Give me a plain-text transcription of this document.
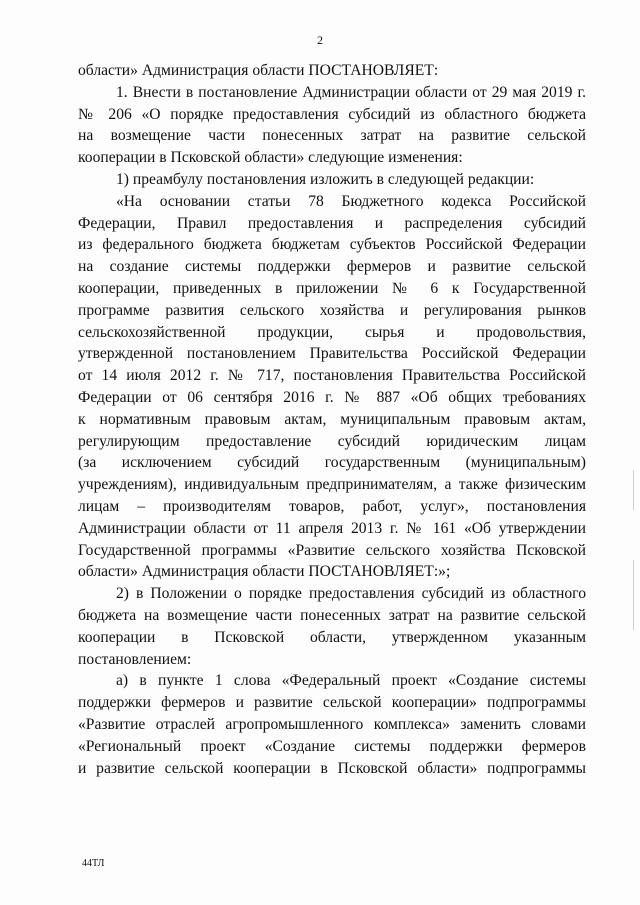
2
области» Администрация области ПОСТАНОВЛЯЕТ:
1. Внести в постановление Администрации области от 29 мая 2019 г.
№ 206 «О порядке предоставления субсидий из областного бюджета
на возмещение части понесенных затрат на развитие сельской
кооперации в Псковской области» следующие изменения:
1) преамбулу постановления изложить в следующей редакции:
«На основании статьи 78 Бюджетного кодекса Российской
Федерации, Правил предоставления и распределения субсидий
из федерального бюджета бюджетам субъектов Российской Федерации
на создание системы поддержки фермеров и развитие сельской
кооперации, приведенных в приложении № 6 к Государственной
программе развития сельского хозяйства и регулирования рынков
сельскохозяйственной продукции, сырья и продовольствия,
утвержденной постановлением Правительства Российской Федерации
от 14 июля 2012 г. № 717, постановления Правительства Российской
Федерации от 06 сентября 2016 г. № 887 «Об общих требованиях
к нормативным правовым актам, муниципальным правовым актам,
регулирующим предоставление субсидий юридическим лицам
(за исключением субсидий государственным (муниципальным)
учреждениям), индивидуальным предпринимателям, а также физическим
лицам – производителям товаров, работ, услуг», постановления
Администрации области от 11 апреля 2013 г. № 161 «Об утверждении
Государственной программы «Развитие сельского хозяйства Псковской
области» Администрация области ПОСТАНОВЛЯЕТ:»;
2) в Положении о порядке предоставления субсидий из областного
бюджета на возмещение части понесенных затрат на развитие сельской
кооперации в Псковской области, утвержденном указанным
постановлением:
а) в пункте 1 слова «Федеральный проект «Создание системы
поддержки фермеров и развитие сельской кооперации» подпрограммы
«Развитие отраслей агропромышленного комплекса» заменить словами
«Региональный проект «Создание системы поддержки фермеров
и развитие сельской кооперации в Псковской области» подпрограммы
44ТЛ
